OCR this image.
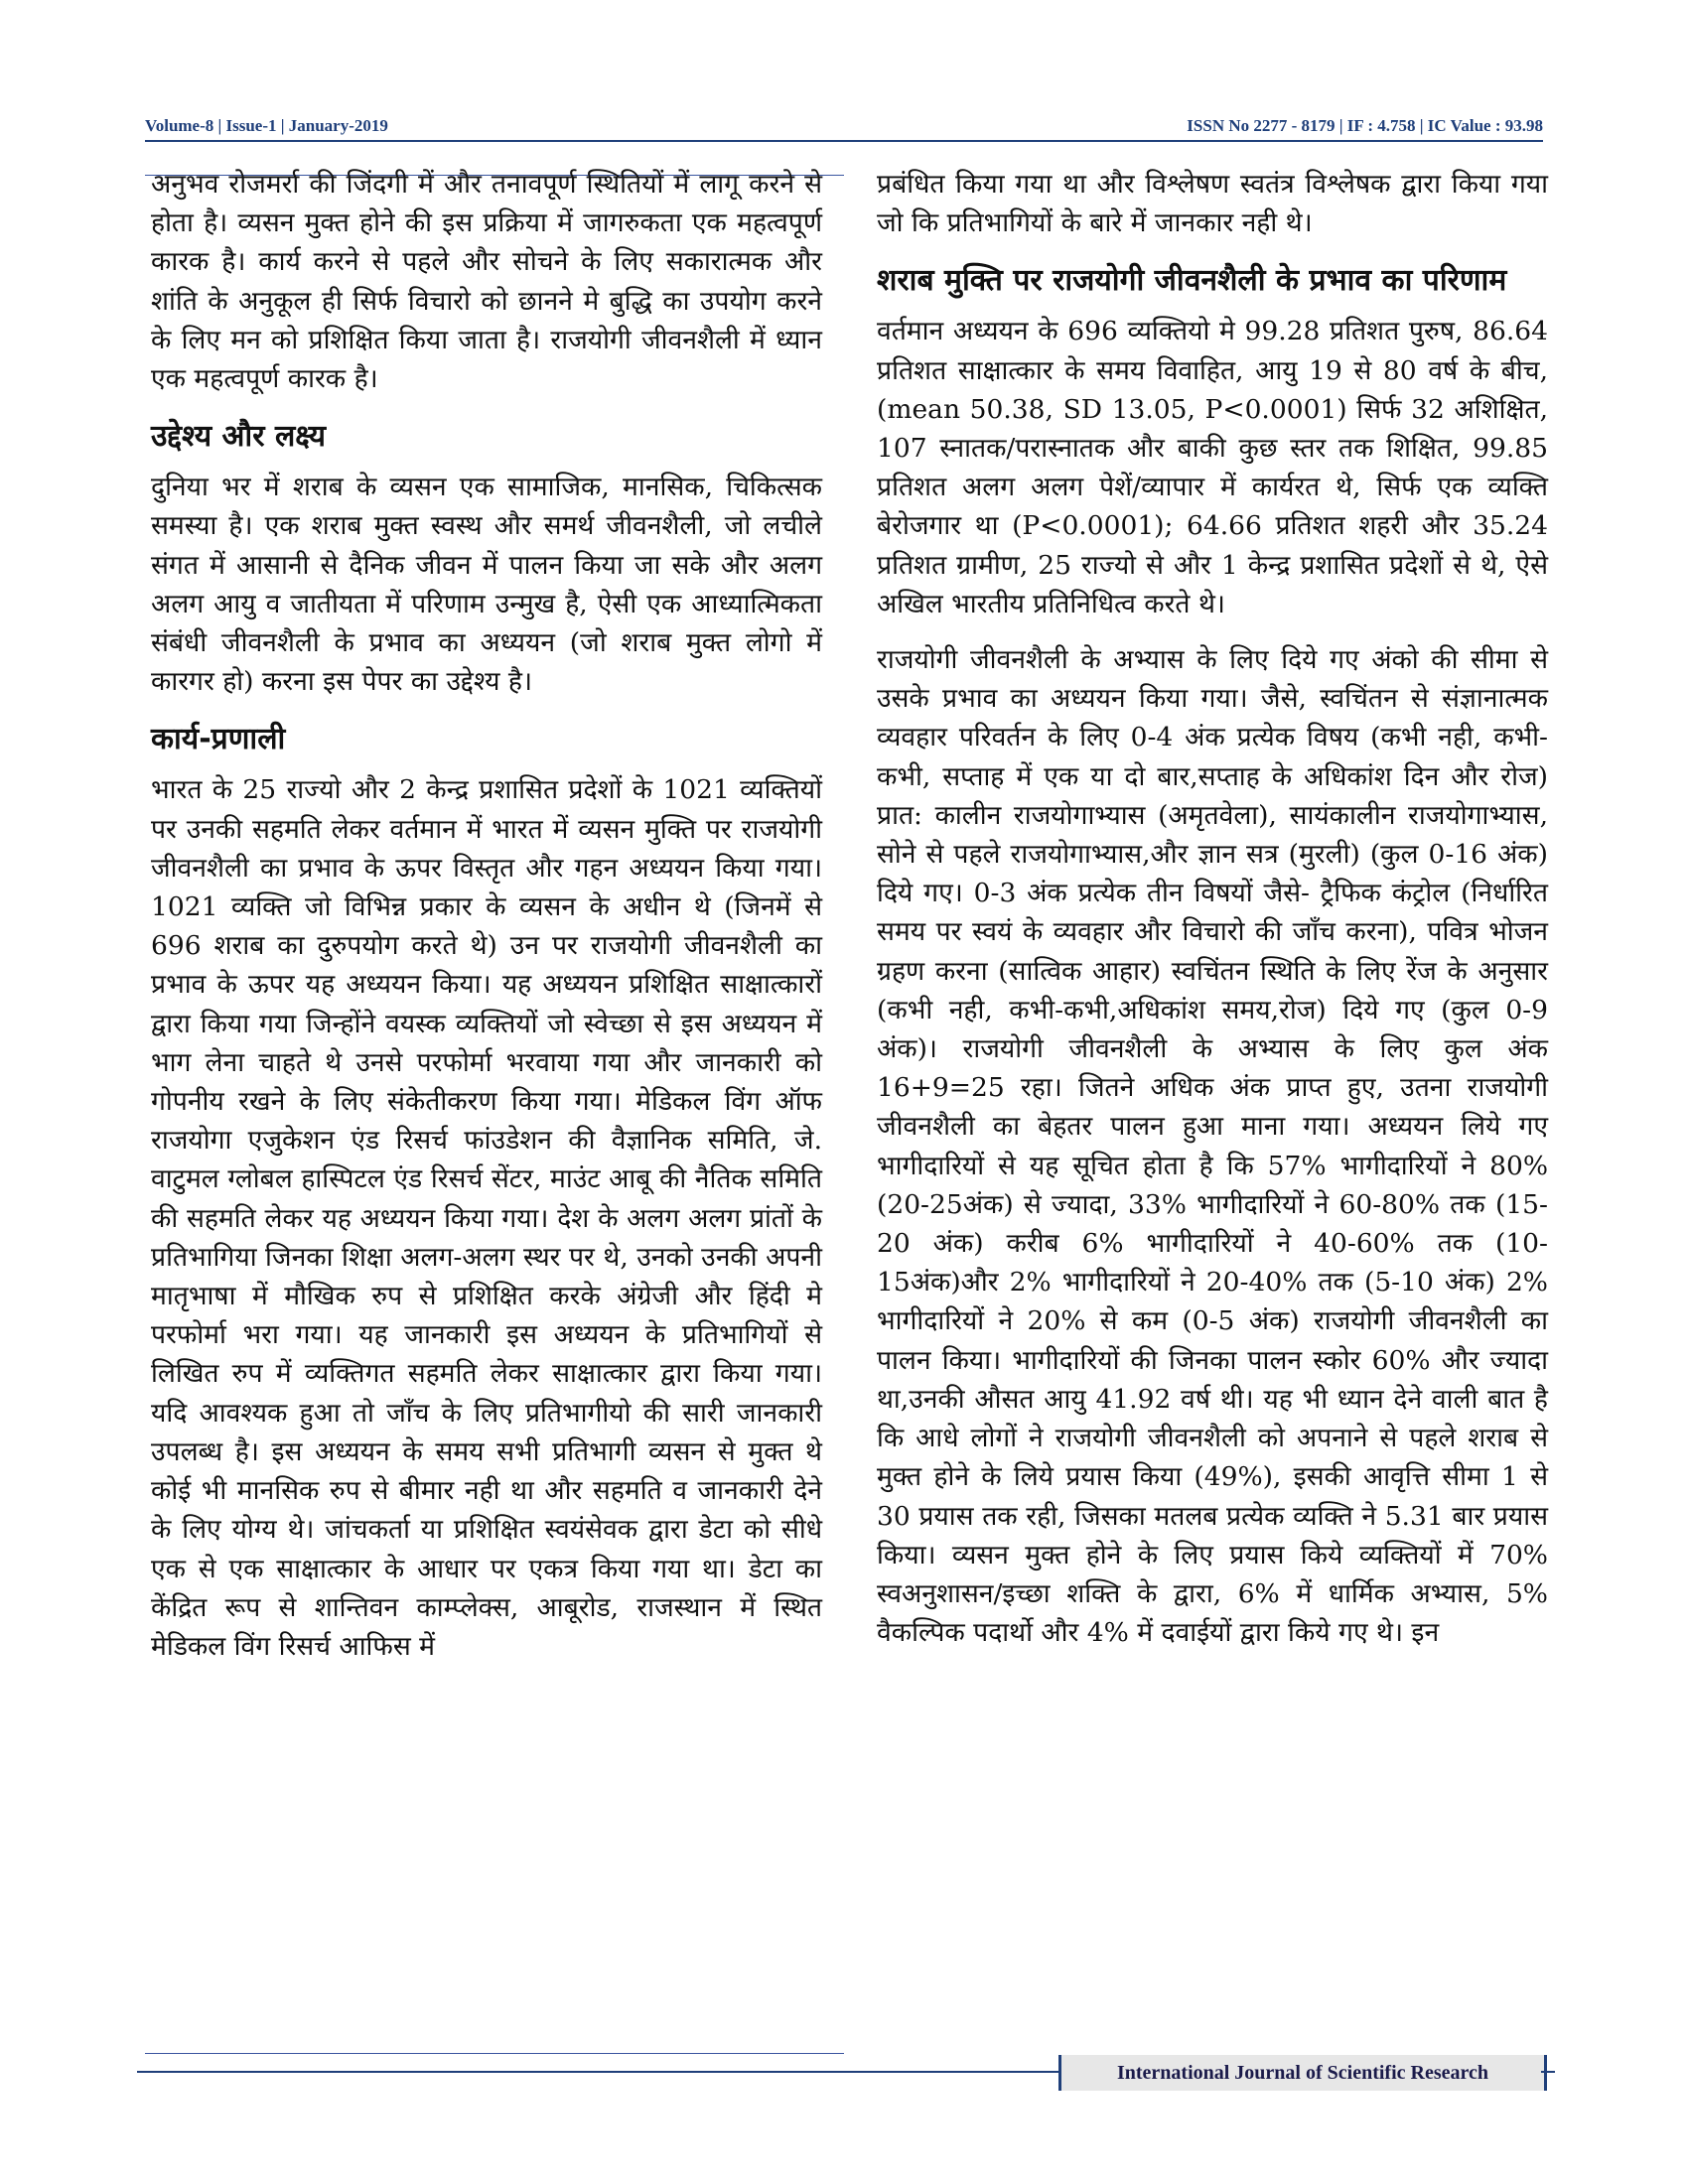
Volume-8 | Issue-1 | January-2019	ISSN No 2277 - 8179 | IF : 4.758 | IC Value : 93.98

अनुभव रोजमर्रा की जिंदगी में और तनावपूर्ण स्थितियों में लागू करने से होता है। व्यसन मुक्त होने की इस प्रक्रिया में जागरुकता एक महत्वपूर्ण कारक है। कार्य करने से पहले और सोचने के लिए सकारात्मक और शांति के अनुकूल ही सिर्फ विचारो को छानने मे बुद्धि का उपयोग करने के लिए मन को प्रशिक्षित किया जाता है। राजयोगी जीवनशैली में ध्यान एक महत्वपूर्ण कारक है।

उद्देश्य और लक्ष्य

दुनिया भर में शराब के व्यसन एक सामाजिक, मानसिक, चिकित्सक समस्या है। एक शराब मुक्त स्वस्थ और समर्थ जीवनशैली, जो लचीले संगत में आसानी से दैनिक जीवन में पालन किया जा सके और अलग अलग आयु व जातीयता में परिणाम उन्मुख है, ऐसी एक आध्यात्मिकता संबंधी जीवनशैली के प्रभाव का अध्ययन (जो शराब मुक्त लोगो में कारगर हो) करना इस पेपर का उद्देश्य है।

कार्य-प्रणाली

भारत के 25 राज्यो और 2 केन्द्र प्रशासित प्रदेशों के 1021 व्यक्तियों पर उनकी सहमति लेकर वर्तमान में भारत में व्यसन मुक्ति पर राजयोगी जीवनशैली का प्रभाव के ऊपर विस्तृत और गहन अध्ययन किया गया। 1021 व्यक्ति जो विभिन्न प्रकार के व्यसन के अधीन थे (जिनमें से 696 शराब का दुरुपयोग करते थे) उन पर राजयोगी जीवनशैली का प्रभाव के ऊपर यह अध्ययन किया। यह अध्ययन प्रशिक्षित साक्षात्कारों द्वारा किया गया जिन्होंने वयस्क व्यक्तियों जो स्वेच्छा से इस अध्ययन में भाग लेना चाहते थे उनसे परफोर्मा भरवाया गया और जानकारी को गोपनीय रखने के लिए संकेतीकरण किया गया। मेडिकल विंग ऑफ राजयोगा एजुकेशन एंड रिसर्च फांउडेशन की वैज्ञानिक समिति, जे. वाटुमल ग्लोबल हास्पिटल एंड रिसर्च सेंटर, माउंट आबू की नैतिक समिति की सहमति लेकर यह अध्ययन किया गया। देश के अलग अलग प्रांतों के प्रतिभागिया जिनका शिक्षा अलग-अलग स्थर पर थे, उनको उनकी अपनी मातृभाषा में मौखिक रुप से प्रशिक्षित करके अंग्रेजी और हिंदी मे परफोर्मा भरा गया। यह जानकारी इस अध्ययन के प्रतिभागियों से लिखित रुप में व्यक्तिगत सहमति लेकर साक्षात्कार द्वारा किया गया। यदि आवश्यक हुआ तो जाँच के लिए प्रतिभागीयो की सारी जानकारी उपलब्ध है। इस अध्ययन के समय सभी प्रतिभागी व्यसन से मुक्त थे कोई भी मानसिक रुप से बीमार नही था और सहमति व जानकारी देने के लिए योग्य थे। जांचकर्ता या प्रशिक्षित स्वयंसेवक द्वारा डेटा को सीधे एक से एक साक्षात्कार के आधार पर एकत्र किया गया था। डेटा का केंद्रित रूप से शान्तिवन काम्प्लेक्स, आबूरोड, राजस्थान में स्थित मेडिकल विंग रिसर्च आफिस में

प्रबंधित किया गया था और विश्लेषण स्वतंत्र विश्लेषक द्वारा किया गया जो कि प्रतिभागियों के बारे में जानकार नही थे।

शराब मुक्ति पर राजयोगी जीवनशैली के प्रभाव का परिणाम

वर्तमान अध्ययन के 696 व्यक्तियो मे 99.28 प्रतिशत पुरुष, 86.64 प्रतिशत साक्षात्कार के समय विवाहित, आयु 19 से 80 वर्ष के बीच, (mean 50.38, SD 13.05, P<0.0001) सिर्फ 32 अशिक्षित, 107 स्नातक/परास्नातक और बाकी कुछ स्तर तक शिक्षित, 99.85 प्रतिशत अलग अलग पेशें/व्यापार में कार्यरत थे, सिर्फ एक व्यक्ति बेरोजगार था (P<0.0001); 64.66 प्रतिशत शहरी और 35.24 प्रतिशत ग्रामीण, 25 राज्यो से और 1 केन्द्र प्रशासित प्रदेशों से थे, ऐसे अखिल भारतीय प्रतिनिधित्व करते थे।

राजयोगी जीवनशैली के अभ्यास के लिए दिये गए अंको की सीमा से उसके प्रभाव का अध्ययन किया गया। जैसे, स्वचिंतन से संज्ञानात्मक व्यवहार परिवर्तन के लिए 0-4 अंक प्रत्येक विषय (कभी नही, कभी-कभी, सप्ताह में एक या दो बार,सप्ताह के अधिकांश दिन और रोज) प्रात: कालीन राजयोगाभ्यास (अमृतवेला), सायंकालीन राजयोगाभ्यास, सोने से पहले राजयोगाभ्यास,और ज्ञान सत्र (मुरली) (कुल 0-16 अंक) दिये गए। 0-3 अंक प्रत्येक तीन विषयों जैसे- ट्रैफिक कंट्रोल (निर्धारित समय पर स्वयं के व्यवहार और विचारो की जाँच करना), पवित्र भोजन ग्रहण करना (सात्विक आहार) स्वचिंतन स्थिति के लिए रेंज के अनुसार (कभी नही, कभी-कभी,अधिकांश समय,रोज) दिये गए (कुल 0-9 अंक)। राजयोगी जीवनशैली के अभ्यास के लिए कुल अंक 16+9=25 रहा। जितने अधिक अंक प्राप्त हुए, उतना राजयोगी जीवनशैली का बेहतर पालन हुआ माना गया। अध्ययन लिये गए भागीदारियों से यह सूचित होता है कि 57% भागीदारियों ने 80% (20-25अंक) से ज्यादा, 33% भागीदारियों ने 60-80% तक (15-20 अंक) करीब 6% भागीदारियों ने 40-60% तक (10-15अंक)और 2% भागीदारियों ने 20-40% तक (5-10 अंक) 2% भागीदारियों ने 20% से कम (0-5 अंक) राजयोगी जीवनशैली का पालन किया। भागीदारियों की जिनका पालन स्कोर 60% और ज्यादा था,उनकी औसत आयु 41.92 वर्ष थी। यह भी ध्यान देने वाली बात है कि आधे लोगों ने राजयोगी जीवनशैली को अपनाने से पहले शराब से मुक्त होने के लिये प्रयास किया (49%), इसकी आवृत्ति सीमा 1 से 30 प्रयास तक रही, जिसका मतलब प्रत्येक व्यक्ति ने 5.31 बार प्रयास किया। व्यसन मुक्त होने के लिए प्रयास किये व्यक्तियों में 70% स्वअनुशासन/इच्छा शक्ति के द्वारा, 6% में धार्मिक अभ्यास, 5% वैकल्पिक पदार्थो और 4% में दवाईयों द्वारा किये गए थे। इन

International Journal of Scientific Research
